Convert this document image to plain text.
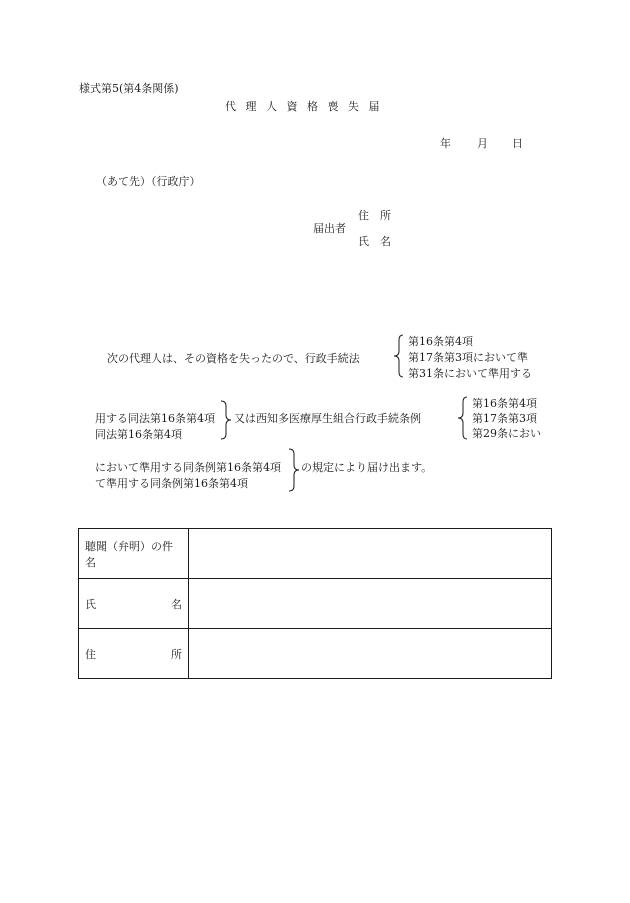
様式第5(第4条関係)
代 理 人 資 格 喪 失 届
年 月 日
（あて先）（行政庁）
住　所
届出者
氏　名
次の代理人は、その資格を失ったので、行政手続法
第16条第4項
第17条第3項において準
第31条において準用する
用する同法第16条第4項
同法第16条第4項
又は西知多医療厚生組合行政手続条例
第16条第4項
第17条第3項
第29条におい
において準用する同条例第16条第4項
て準用する同条例第16条第4項
の規定により届け出ます。
聴聞（弁明）の件名	

氏 名	

住 所	
